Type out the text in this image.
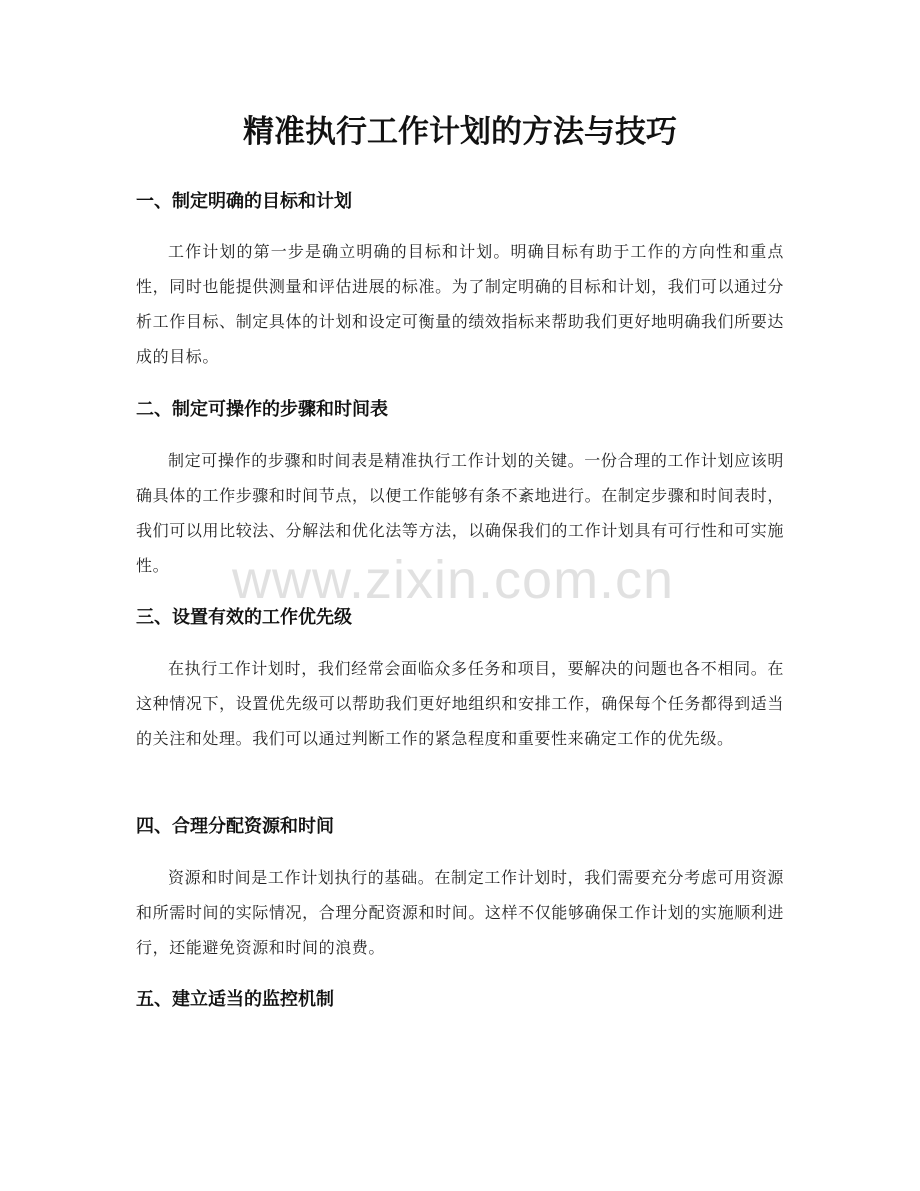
精准执行工作计划的方法与技巧
一、制定明确的目标和计划

工作计划的第一步是确立明确的目标和计划。明确目标有助于工作的方向性和重点性，同时也能提供测量和评估进展的标准。为了制定明确的目标和计划，我们可以通过分析工作目标、制定具体的计划和设定可衡量的绩效指标来帮助我们更好地明确我们所要达成的目标。

二、制定可操作的步骤和时间表

制定可操作的步骤和时间表是精准执行工作计划的关键。一份合理的工作计划应该明确具体的工作步骤和时间节点，以便工作能够有条不紊地进行。在制定步骤和时间表时，我们可以用比较法、分解法和优化法等方法，以确保我们的工作计划具有可行性和可实施性。

三、设置有效的工作优先级

在执行工作计划时，我们经常会面临众多任务和项目，要解决的问题也各不相同。在这种情况下，设置优先级可以帮助我们更好地组织和安排工作，确保每个任务都得到适当的关注和处理。我们可以通过判断工作的紧急程度和重要性来确定工作的优先级。

四、合理分配资源和时间

资源和时间是工作计划执行的基础。在制定工作计划时，我们需要充分考虑可用资源和所需时间的实际情况，合理分配资源和时间。这样不仅能够确保工作计划的实施顺利进行，还能避免资源和时间的浪费。

五、建立适当的监控机制
www.zixin.com.cn
